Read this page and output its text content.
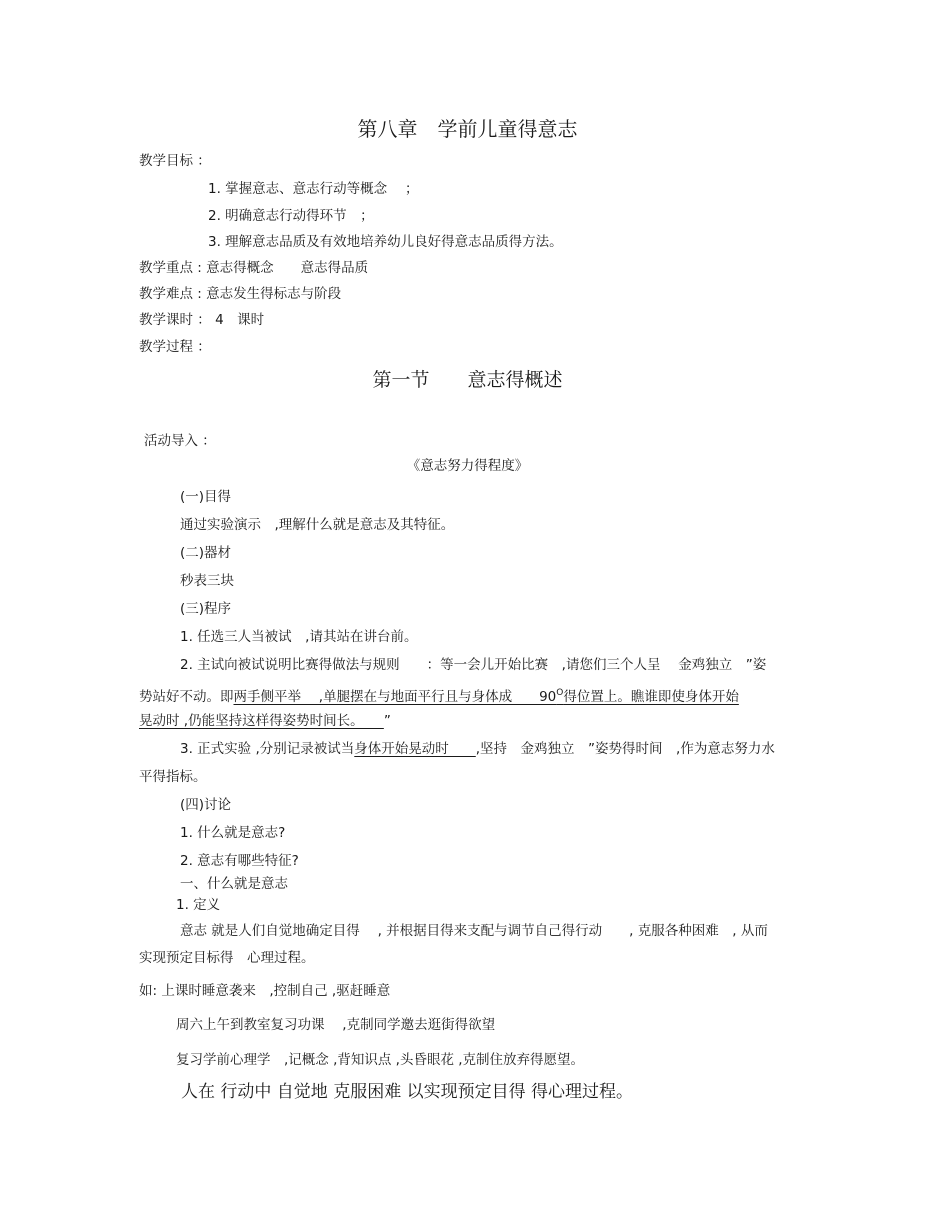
第八章　学前儿童得意志
教学目标 ：
1. 掌握意志、意志行动等概念　 ；
2. 明确意志行动得环节　；
3. 理解意志品质及有效地培养幼儿良好得意志品质得方法。
教学重点 : 意志得概念　　意志得品质
教学难点 : 意志发生得标志与阶段
教学课时 ： 4　课时
教学过程 ：
第一节　　意志得概述
活动导入 ：
《意志努力得程度》
(一)目得
通过实验演示　,理解什么就是意志及其特征。
(二)器材
秒表三块
(三)程序
1. 任选三人当被试　,请其站在讲台前。
2. 主试向被试说明比赛得做法与规则　　：等一会儿开始比赛　,请您们三个人呈　 金鸡独立　”姿
势站好不动。即两手侧平举　 ,单腿摆在与地面平行且与身体成　　$90^O$得位置上。瞧谁即使身体开始
晃动时 ,仍能坚持这样得姿势时间长。　　”
3. 正式实验 ,分别记录被试当身体开始晃动时　　,坚持　金鸡独立　”姿势得时间　,作为意志努力水
平得指标。
(四)讨论
1. 什么就是意志?
2. 意志有哪些特征?
一、什么就是意志
1. 定义
意志 就是人们自觉地确定目得　 , 并根据目得来支配与调节自己得行动　　, 克服各种困难　, 从而
实现预定目标得　心理过程。
如: 上课时睡意袭来　,控制自己 ,驱赶睡意
周六上午到教室复习功课　 ,克制同学邀去逛街得欲望
复习学前心理学　,记概念 ,背知识点 ,头昏眼花 ,克制住放弃得愿望。
人在 行动中 自觉地 克服困难 以实现预定目得 得心理过程。
